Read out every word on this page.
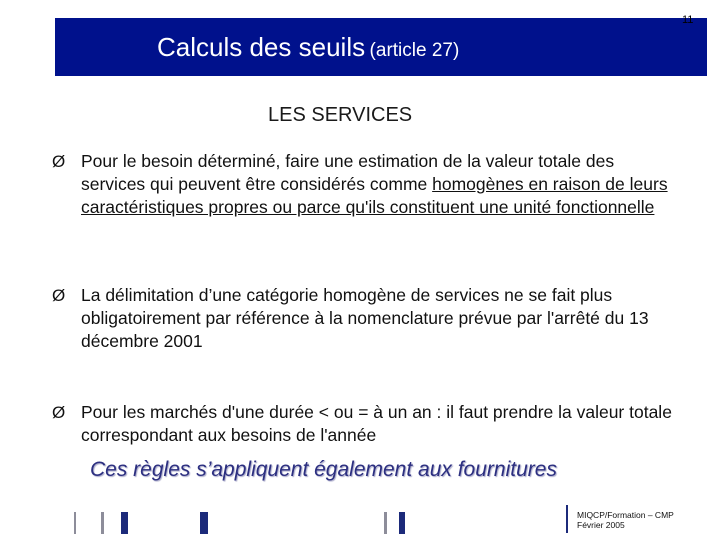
Calculs des seuils (article 27)
11
LES SERVICES
Ø Pour le besoin déterminé, faire une estimation de la valeur totale des services qui peuvent être considérés comme homogènes en raison de leurs caractéristiques propres ou parce qu'ils constituent une unité fonctionnelle
Ø La délimitation d’une catégorie homogène de services ne se fait plus obligatoirement par référence à la nomenclature prévue par l'arrêté du 13 décembre 2001
Ø Pour les marchés d'une durée < ou = à un an : il faut prendre la valeur totale correspondant aux besoins de l'année
Ces règles s’appliquent également aux fournitures
MIQCP/Formation – CMP
Février 2005
